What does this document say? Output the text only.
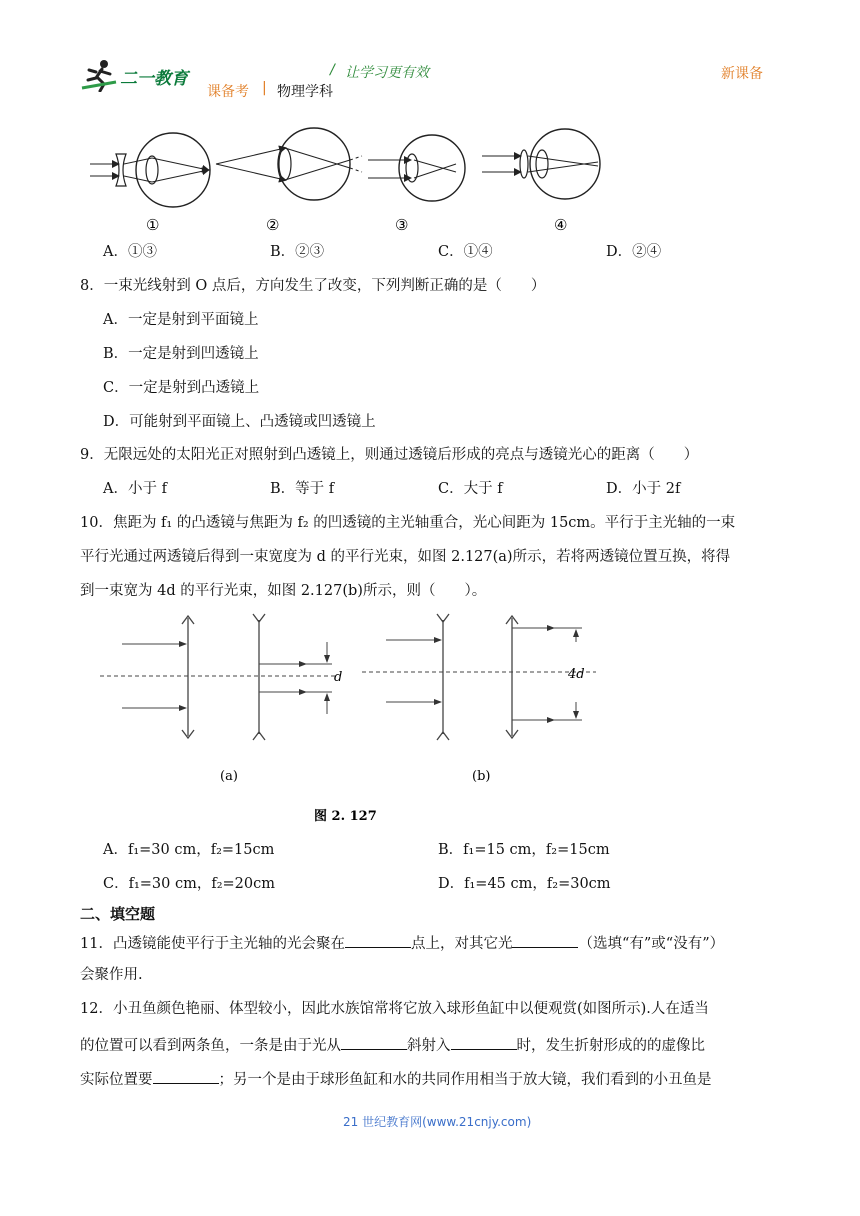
二一教育	/ 让学习更有效
课备考 | 物理学科
新课备
①	②	③	④
A．①③	B．②③	C．①④	D．②④
8．一束光线射到 O 点后，方向发生了改变，下列判断正确的是（　　）
A．一定是射到平面镜上
B．一定是射到凹透镜上
C．一定是射到凸透镜上
D．可能射到平面镜上、凸透镜或凹透镜上
9．无限远处的太阳光正对照射到凸透镜上，则通过透镜后形成的亮点与透镜光心的距离（　　）
A．小于 f	B．等于 f	C．大于 f	D．小于 2f
10．焦距为 f₁ 的凸透镜与焦距为 f₂ 的凹透镜的主光轴重合，光心间距为 15cm。平行于主光轴的一束
平行光通过两透镜后得到一束宽度为 d 的平行光束，如图 2.127(a)所示，若将两透镜位置互换，将得
到一束宽为 4d 的平行光束，如图 2.127(b)所示，则（　　）。
d
(a)
4d
(b)
图 2. 127
A．f₁=30 cm，f₂=15cm	B．f₁=15 cm，f₂=15cm
C．f₁=30 cm，f₂=20cm	D．f₁=45 cm，f₂=30cm
二、填空题
11．凸透镜能使平行于主光轴的光会聚在	点上，对其它光	（选填“有”或“没有”）
会聚作用.
12．小丑鱼颜色艳丽、体型较小，因此水族馆常将它放入球形鱼缸中以便观赏(如图所示).人在适当
的位置可以看到两条鱼，一条是由于光从	斜射入	时，发生折射形成的的虚像比
实际位置要	；另一个是由于球形鱼缸和水的共同作用相当于放大镜，我们看到的小丑鱼是
21 世纪教育网(www.21cnjy.com)
